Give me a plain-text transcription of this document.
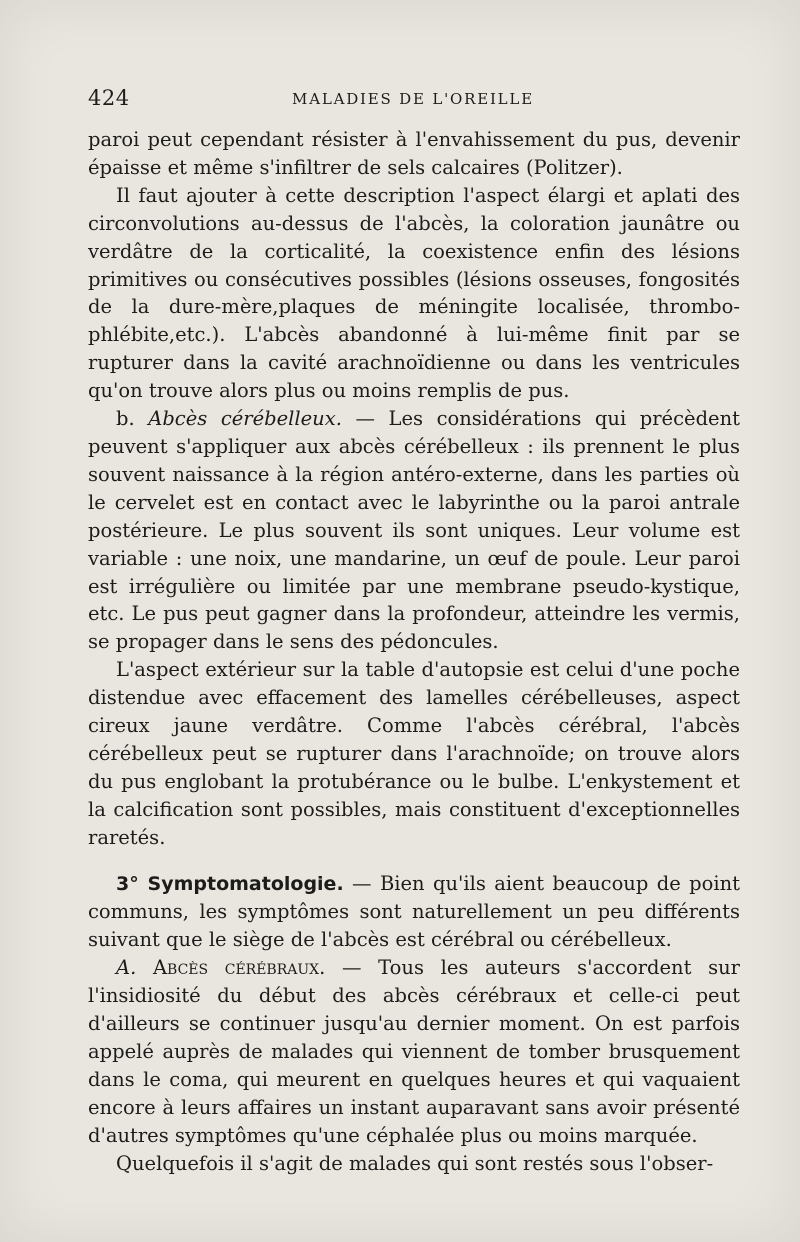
424	MALADIES DE L'OREILLE

paroi peut cependant résister à l'envahissement du pus, devenir épaisse et même s'infiltrer de sels calcaires (Politzer).

Il faut ajouter à cette description l'aspect élargi et aplati des circonvolutions au-dessus de l'abcès, la coloration jaunâtre ou verdâtre de la corticalité, la coexistence enfin des lésions primitives ou consécutives possibles (lésions osseuses, fongosités de la dure-mère,plaques de méningite localisée, thrombo-phlébite,etc.). L'abcès abandonné à lui-même finit par se rupturer dans la cavité arachnoïdienne ou dans les ventricules qu'on trouve alors plus ou moins remplis de pus.

b. Abcès cérébelleux. — Les considérations qui précèdent peuvent s'appliquer aux abcès cérébelleux : ils prennent le plus souvent naissance à la région antéro-externe, dans les parties où le cervelet est en contact avec le labyrinthe ou la paroi antrale postérieure. Le plus souvent ils sont uniques. Leur volume est variable : une noix, une mandarine, un œuf de poule. Leur paroi est irrégulière ou limitée par une membrane pseudo-kystique, etc. Le pus peut gagner dans la profondeur, atteindre les vermis, se propager dans le sens des pédoncules.

L'aspect extérieur sur la table d'autopsie est celui d'une poche distendue avec effacement des lamelles cérébelleuses, aspect cireux jaune verdâtre. Comme l'abcès cérébral, l'abcès cérébelleux peut se rupturer dans l'arachnoïde; on trouve alors du pus englobant la protubérance ou le bulbe. L'enkystement et la calcification sont possibles, mais constituent d'exceptionnelles raretés.

3° Symptomatologie. — Bien qu'ils aient beaucoup de point communs, les symptômes sont naturellement un peu différents suivant que le siège de l'abcès est cérébral ou cérébelleux.

A. Abcès cérébraux. — Tous les auteurs s'accordent sur l'insidiosité du début des abcès cérébraux et celle-ci peut d'ailleurs se continuer jusqu'au dernier moment. On est parfois appelé auprès de malades qui viennent de tomber brusquement dans le coma, qui meurent en quelques heures et qui vaquaient encore à leurs affaires un instant auparavant sans avoir présenté d'autres symptômes qu'une céphalée plus ou moins marquée.

Quelquefois il s'agit de malades qui sont restés sous l'obser-
